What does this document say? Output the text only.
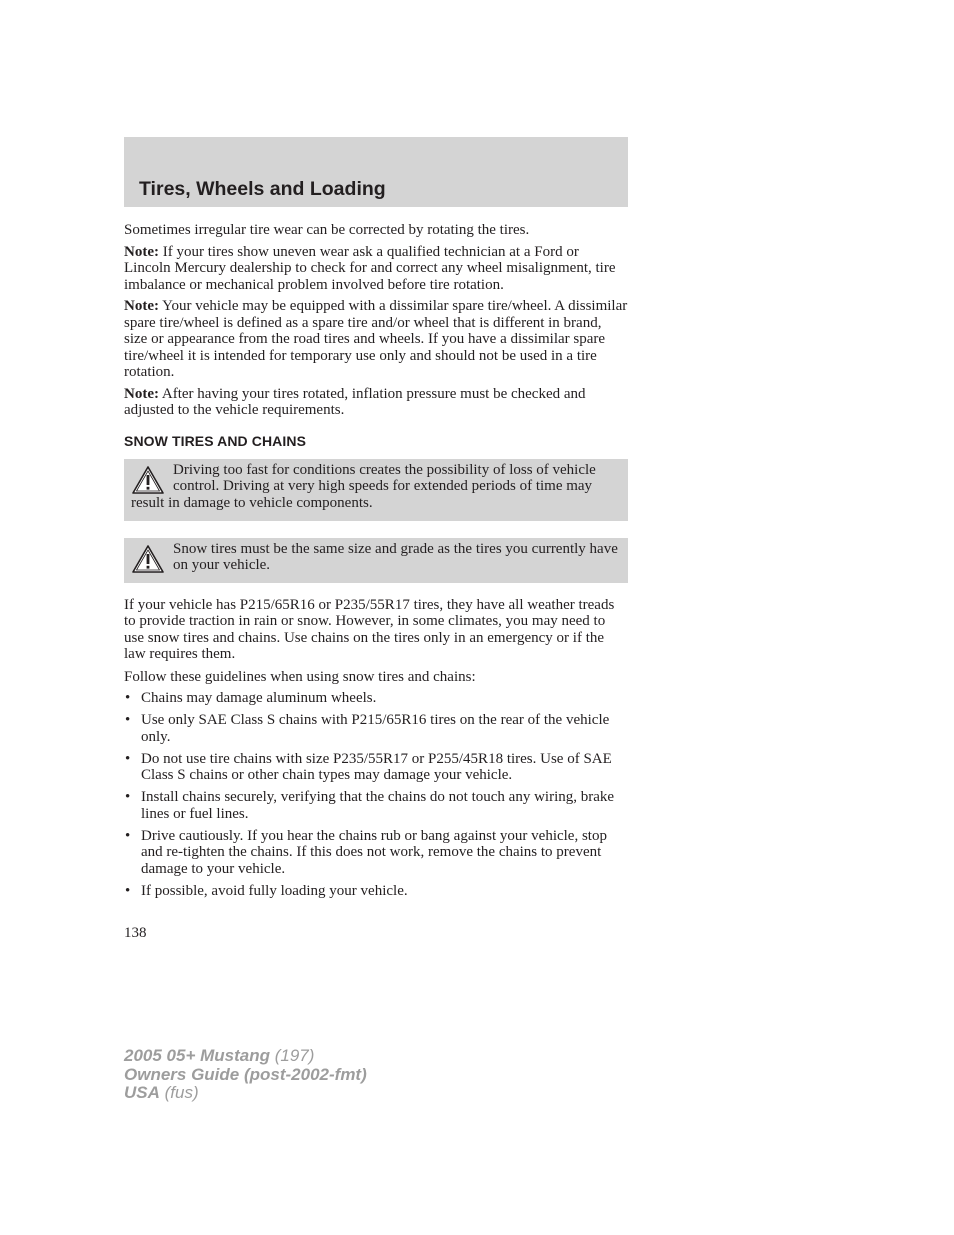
Tires, Wheels and Loading

Sometimes irregular tire wear can be corrected by rotating the tires.

Note: If your tires show uneven wear ask a qualified technician at a Ford or Lincoln Mercury dealership to check for and correct any wheel misalignment, tire imbalance or mechanical problem involved before tire rotation.

Note: Your vehicle may be equipped with a dissimilar spare tire/wheel. A dissimilar spare tire/wheel is defined as a spare tire and/or wheel that is different in brand, size or appearance from the road tires and wheels. If you have a dissimilar spare tire/wheel it is intended for temporary use only and should not be used in a tire rotation.

Note: After having your tires rotated, inflation pressure must be checked and adjusted to the vehicle requirements.

SNOW TIRES AND CHAINS
Driving too fast for conditions creates the possibility of loss of vehicle control. Driving at very high speeds for extended periods of time may result in damage to vehicle components.
Snow tires must be the same size and grade as the tires you currently have on your vehicle.

If your vehicle has P215/65R16 or P235/55R17 tires, they have all weather treads to provide traction in rain or snow. However, in some climates, you may need to use snow tires and chains. Use chains on the tires only in an emergency or if the law requires them.

Follow these guidelines when using snow tires and chains:

• Chains may damage aluminum wheels.
• Use only SAE Class S chains with P215/65R16 tires on the rear of the vehicle only.
• Do not use tire chains with size P235/55R17 or P255/45R18 tires. Use of SAE Class S chains or other chain types may damage your vehicle.
• Install chains securely, verifying that the chains do not touch any wiring, brake lines or fuel lines.
• Drive cautiously. If you hear the chains rub or bang against your vehicle, stop and re-tighten the chains. If this does not work, remove the chains to prevent damage to your vehicle.
• If possible, avoid fully loading your vehicle.
138
2005 05+ Mustang (197)
Owners Guide (post-2002-fmt)
USA (fus)
